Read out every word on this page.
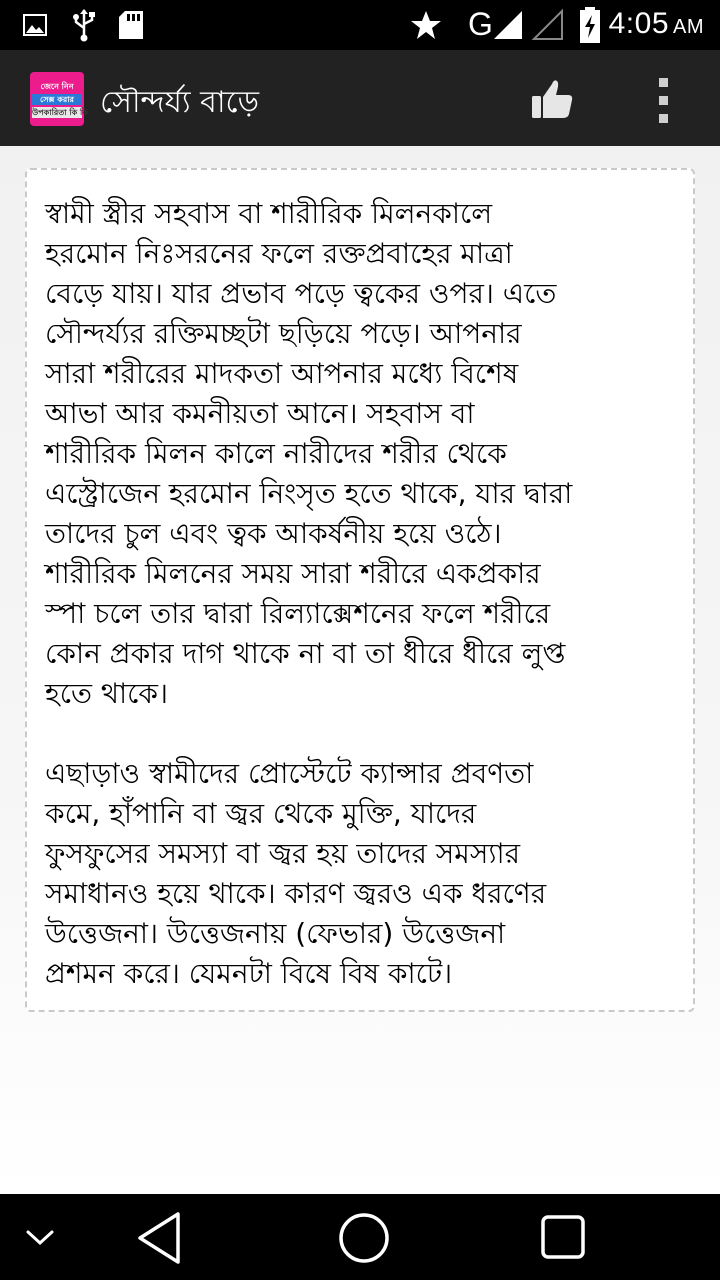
G	4:05 AM
জেনে নিন
সেক্স করার
উপকারিতা কি কি সৌন্দর্য্য বাড়ে

স্বামী স্ত্রীর সহবাস বা শারীরিক মিলনকালে
হরমোন নিঃসরনের ফলে রক্তপ্রবাহের মাত্রা
বেড়ে যায়। যার প্রভাব পড়ে ত্বকের ওপর। এতে
সৌন্দর্য্যর রক্তিমচ্ছটা ছড়িয়ে পড়ে। আপনার
সারা শরীরের মাদকতা আপনার মধ্যে বিশেষ
আভা আর কমনীয়তা আনে। সহবাস বা
শারীরিক মিলন কালে নারীদের শরীর থেকে
এস্ট্রোজেন হরমোন নিংসৃত হতে থাকে, যার দ্বারা
তাদের চুল এবং ত্বক আকর্ষনীয় হয়ে ওঠে।
শারীরিক মিলনের সময় সারা শরীরে একপ্রকার
স্পা চলে তার দ্বারা রিল্যাক্সেশনের ফলে শরীরে
কোন প্রকার দাগ থাকে না বা তা ধীরে ধীরে লুপ্ত
হতে থাকে।

এছাড়াও স্বামীদের প্রোস্টেটে ক্যান্সার প্রবণতা
কমে, হাঁপানি বা জ্বর থেকে মুক্তি, যাদের
ফুসফুসের সমস্যা বা জ্বর হয় তাদের সমস্যার
সমাধানও হয়ে থাকে। কারণ জ্বরও এক ধরণের
উত্তেজনা। উত্তেজনায় (ফেভার) উত্তেজনা
প্রশমন করে। যেমনটা বিষে বিষ কাটে।
